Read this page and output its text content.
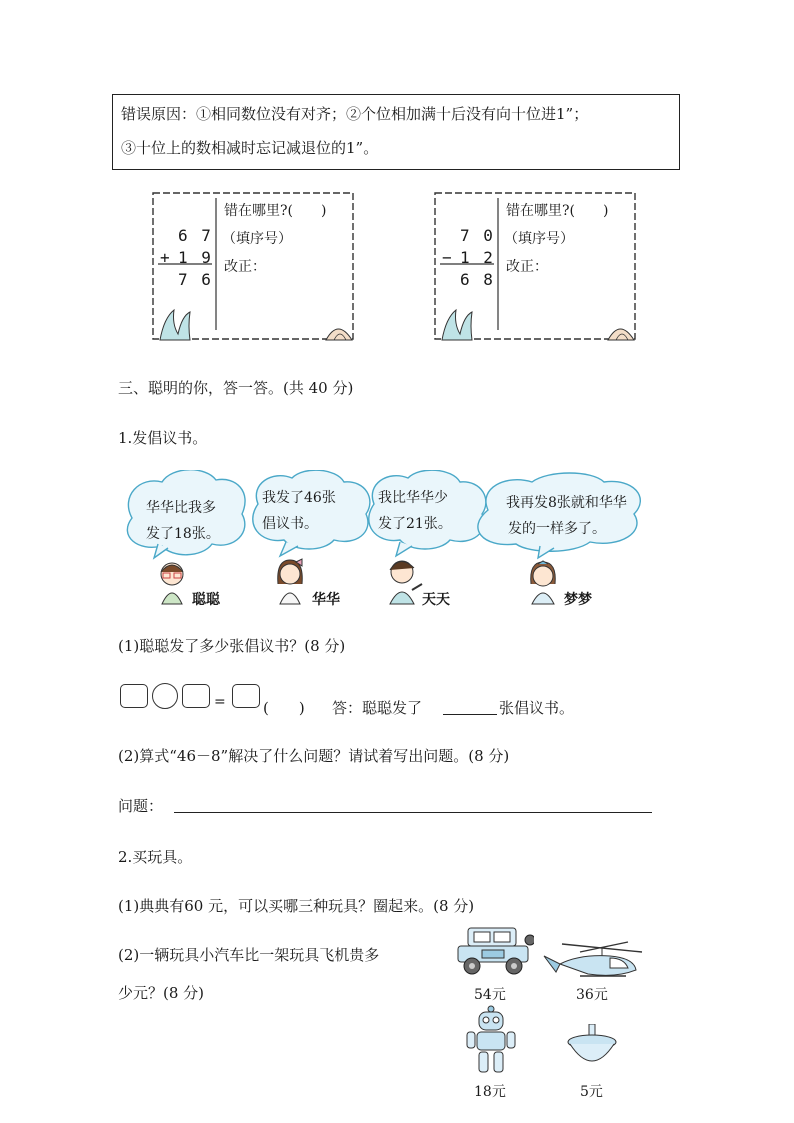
错误原因：①相同数位没有对齐；②个位相加满十后没有向十位进1”；
③十位上的数相减时忘记减退位的1”。
6 7
+ 1 9
7 6
错在哪里?(　　)
（填序号）
改正：
7 0
− 1 2
6 8
错在哪里?(　　)
（填序号）
改正：
三、聪明的你，答一答。(共 40 分)
1.发倡议书。
华华比我多
发了18张。
我发了46张
倡议书。
我比华华少
发了21张。
我再发8张就和华华
发的一样多了。
聪聪	华华	天天	梦梦
(1)聪聪发了多少张倡议书？(8 分)
= (　　) 答：聪聪发了	张倡议书。
(2)算式“46－8”解决了什么问题？请试着写出问题。(8 分)
问题：
2.买玩具。
(1)典典有60 元，可以买哪三种玩具？圈起来。(8 分)
(2)一辆玩具小汽车比一架玩具飞机贵多
少元？(8 分)	54元	36元
18元	5元
